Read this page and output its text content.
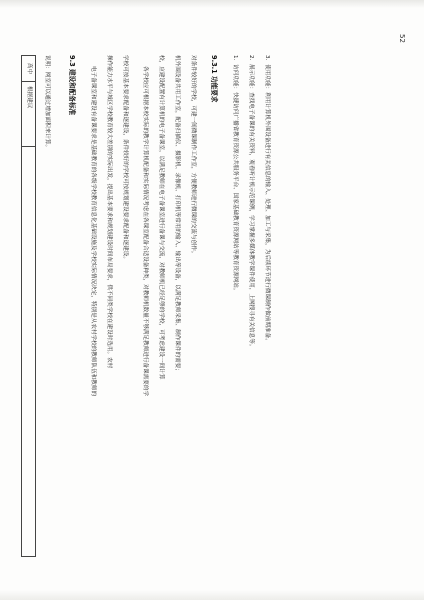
52
高中
根据建议	说明：网室可以通过增加面积来计算。	9.3 建设和配备标准	电子备课室和建设有备课要求是基础教育的各级学校教育信息化基础设施及学校实际情况决定，特别是从农村学校的教师队伍和教师的	操作能力水平与城区学校教育较大差别的实际出发，提出基本要求和规划建设时间布局要求，供不同类学校在建设时选用。农村	学校可按基本要求配备和逐建设，条件较好的学校可按规划建设要求配备和逐建设。	各学校应可根据本校实际的教学计算机配备和实际情况考虑在各课室配备合适设备种类，对教师机数量不够满足教师进行备课需要的学	校，应建设配置有计算机的电子备课室，以满足教师在电子备课室进行备课与交流，对教师机已经足够的学校，可考虑建设一间计算	机外围设备共用工作室，配备扫描仪、摄影机、录像机、打印机等常用的输入、输出等设备，以满足教师采集、制作课件的需要；	对条件较好的学校，可建一间微课制作工作室，方便教师进行微课的交流与创作。	9.3.1 功能要求	1．访问功能：快捷访问广播省教育资源公共服务平台、国家基础教育资源网站等教育资源网站。	2．展示功能：查找电子备课的有关资料，观看听计机示范课例，学习掌握多媒体教学课件使用，上网搜寻有关信息等。	3．使用功能：利用计算机外围设备进行有关信息的输入、处理、加工与采集，为后续环节进行微课制作做前期准备。
